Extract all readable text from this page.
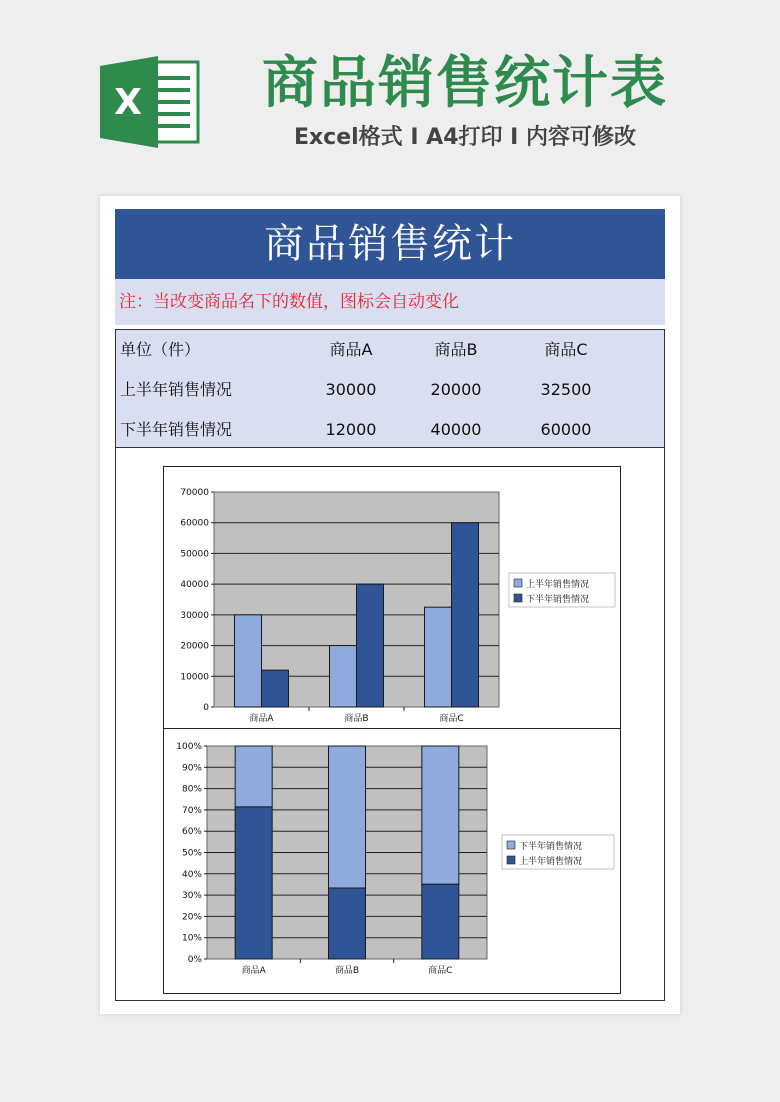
X	商品销售统计表
Excel格式 I A4打印 I 内容可修改
商品销售统计
注：当改变商品名下的数值，图标会自动变化
单位（件）	商品A	商品B	商品C
上半年销售情况	30000	20000	32500
下半年销售情况	12000	40000	60000
0
10000
20000
30000
40000
50000
60000
70000
商品A	商品B	商品C
上半年销售情况
下半年销售情况
0%
10%
20%
30%
40%
50%
60%
70%
80%
90%
100%
商品A	商品B	商品C
下半年销售情况
上半年销售情况
